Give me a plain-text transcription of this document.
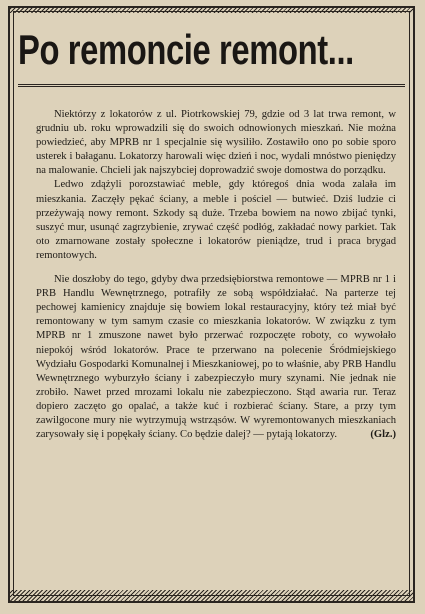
Po remoncie remont...

Niektórzy z lokatorów z ul. Piotrkowskiej 79, gdzie od 3 lat trwa remont, w grudniu ub. roku wprowadzili się do swoich odnowionych mieszkań. Nie można powiedzieć, aby MPRB nr 1 specjalnie się wysiliło. Zostawiło ono po sobie sporo usterek i bałaganu. Lokatorzy harowali więc dzień i noc, wydali mnóstwo pieniędzy na malowanie. Chcieli jak najszybciej doprowadzić swoje domostwa do porządku.

Ledwo zdążyli porozstawiać meble, gdy któregoś dnia woda zalała im mieszkania. Zaczęły pękać ściany, a meble i pościel — butwieć. Dziś ludzie ci przeżywają nowy remont. Szkody są duże. Trzeba bowiem na nowo zbijać tynki, suszyć mur, usunąć zagrzybienie, zrywać część podłóg, zakładać nowy parkiet. Tak oto zmarnowane zostały społeczne i lokatorów pieniądze, trud i praca brygad remontowych.

Nie doszłoby do tego, gdyby dwa przedsiębiorstwa remontowe — MPRB nr 1 i PRB Handlu Wewnętrznego, potrafiły ze sobą współdziałać. Na parterze tej pechowej kamienicy znajduje się bowiem lokal restauracyjny, który też miał być remontowany w tym samym czasie co mieszkania lokatorów. W związku z tym MPRB nr 1 zmuszone nawet było przerwać rozpoczęte roboty, co wywołało niepokój wśród lokatorów. Prace te przerwano na polecenie Śródmiejskiego Wydziału Gospodarki Komunalnej i Mieszkaniowej, po to właśnie, aby PRB Handlu Wewnętrznego wyburzyło ściany i zabezpieczyło mury szynami. Nie jednak nie zrobiło. Nawet przed mrozami lokalu nie zabezpieczono. Stąd awaria rur. Teraz dopiero zaczęto go opalać, a także kuć i rozbierać ściany. Stare, a przy tym zawilgocone mury nie wytrzymują wstrząsów. W wyremontowanych mieszkaniach zarysowały się i popękały ściany. Co będzie dalej? — pytają lokatorzy.	(Glz.)
